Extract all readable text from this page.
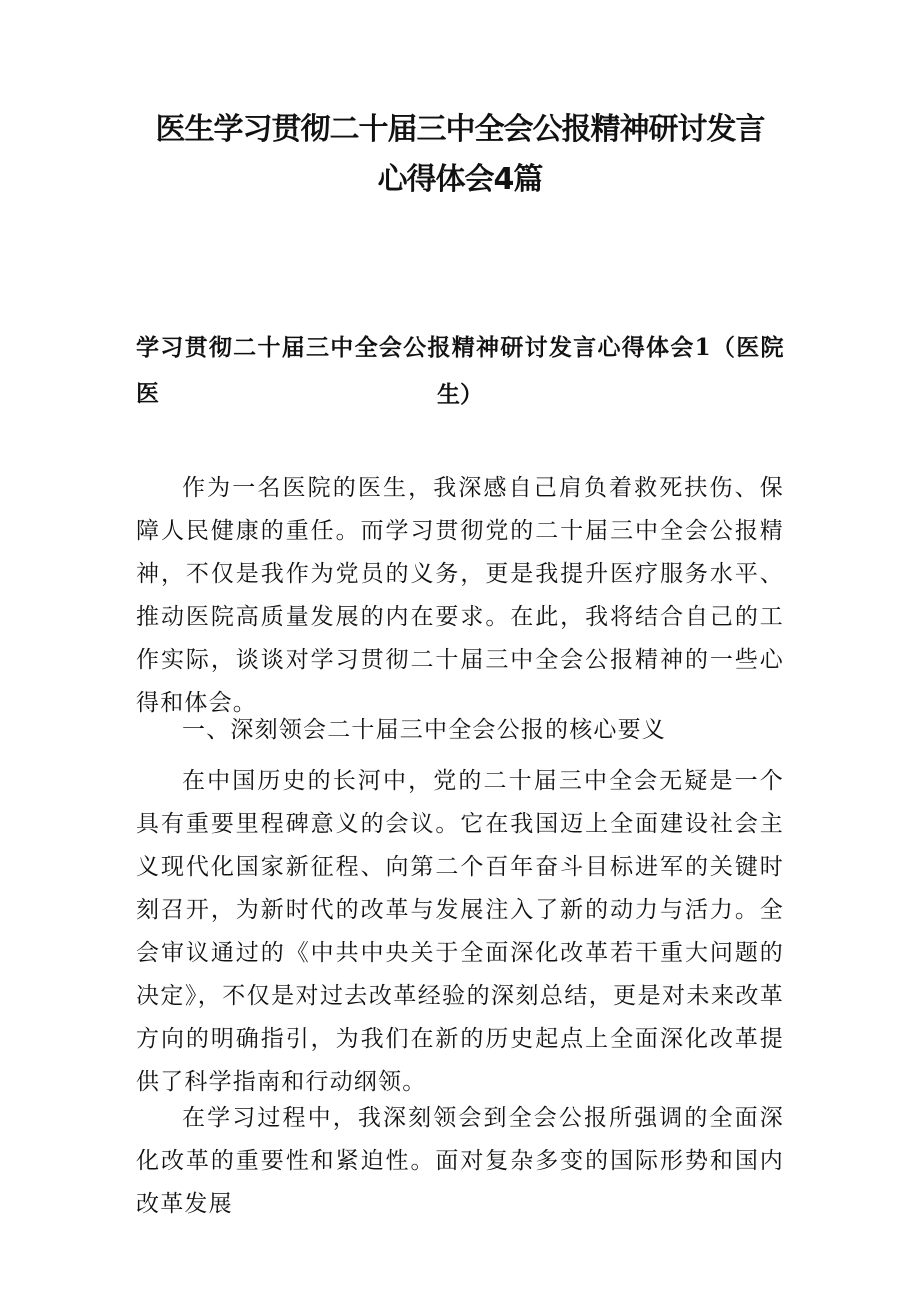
医生学习贯彻二十届三中全会公报精神研讨发言
心得体会4篇
学习贯彻二十届三中全会公报精神研讨发言心得体会1（医院医	生）

作为一名医院的医生，我深感自己肩负着救死扶伤、保障人民健康的重任。而学习贯彻党的二十届三中全会公报精神，不仅是我作为党员的义务，更是我提升医疗服务水平、推动医院高质量发展的内在要求。在此，我将结合自己的工作实际，谈谈对学习贯彻二十届三中全会公报精神的一些心得和体会。

一、深刻领会二十届三中全会公报的核心要义

在中国历史的长河中，党的二十届三中全会无疑是一个具有重要里程碑意义的会议。它在我国迈上全面建设社会主义现代化国家新征程、向第二个百年奋斗目标进军的关键时刻召开，为新时代的改革与发展注入了新的动力与活力。全会审议通过的《中共中央关于全面深化改革若干重大问题的决定》，不仅是对过去改革经验的深刻总结，更是对未来改革方向的明确指引，为我们在新的历史起点上全面深化改革提供了科学指南和行动纲领。

在学习过程中，我深刻领会到全会公报所强调的全面深化改革的重要性和紧迫性。面对复杂多变的国际形势和国内改革发展
